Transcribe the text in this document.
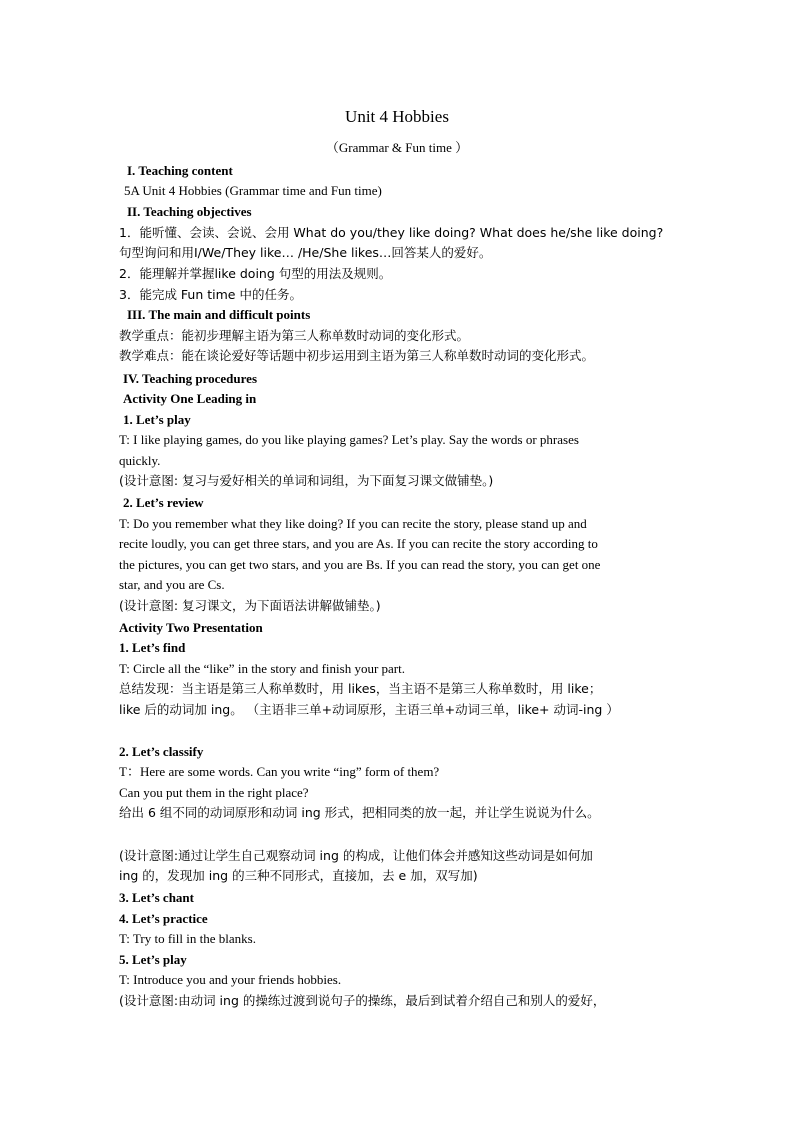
Unit 4 Hobbies
（Grammar & Fun time ）
I. Teaching content
5A Unit 4 Hobbies (Grammar time and Fun time)
II. Teaching objectives
1．能听懂、会读、会说、会用 What do you/they like doing? What does he/she like doing?
句型询问和用I/We/They like… /He/She likes…回答某人的爱好。
2．能理解并掌握like doing 句型的用法及规则。
3．能完成 Fun time 中的任务。
III. The main and difficult points
教学重点：能初步理解主语为第三人称单数时动词的变化形式。
教学难点：能在谈论爱好等话题中初步运用到主语为第三人称单数时动词的变化形式。
IV. Teaching procedures
Activity One Leading in
1. Let’s play
T: I like playing games, do you like playing games? Let’s play. Say the words or phrases
quickly.
(设计意图: 复习与爱好相关的单词和词组，为下面复习课文做铺垫。)
2. Let’s review
T: Do you remember what they like doing? If you can recite the story, please stand up and
recite loudly, you can get three stars, and you are As. If you can recite the story according to
the pictures, you can get two stars, and you are Bs. If you can read the story, you can get one
star, and you are Cs.
(设计意图: 复习课文，为下面语法讲解做铺垫。)
Activity Two Presentation
1. Let’s find
T: Circle all the “like” in the story and finish your part.
总结发现：当主语是第三人称单数时，用 likes，当主语不是第三人称单数时，用 like；
like 后的动词加 ing。 （主语非三单+动词原形，主语三单+动词三单，like+ 动词-ing ）
2. Let’s classify
T：Here are some words. Can you write “ing” form of them?
Can you put them in the right place?
给出 6 组不同的动词原形和动词 ing 形式，把相同类的放一起，并让学生说说为什么。
(设计意图:通过让学生自己观察动词 ing 的构成，让他们体会并感知这些动词是如何加
ing 的，发现加 ing 的三种不同形式，直接加，去 e 加，双写加)
3. Let’s chant
4. Let’s practice
T: Try to fill in the blanks.
5. Let’s play
T: Introduce you and your friends hobbies.
(设计意图:由动词 ing 的操练过渡到说句子的操练，最后到试着介绍自己和别人的爱好，
